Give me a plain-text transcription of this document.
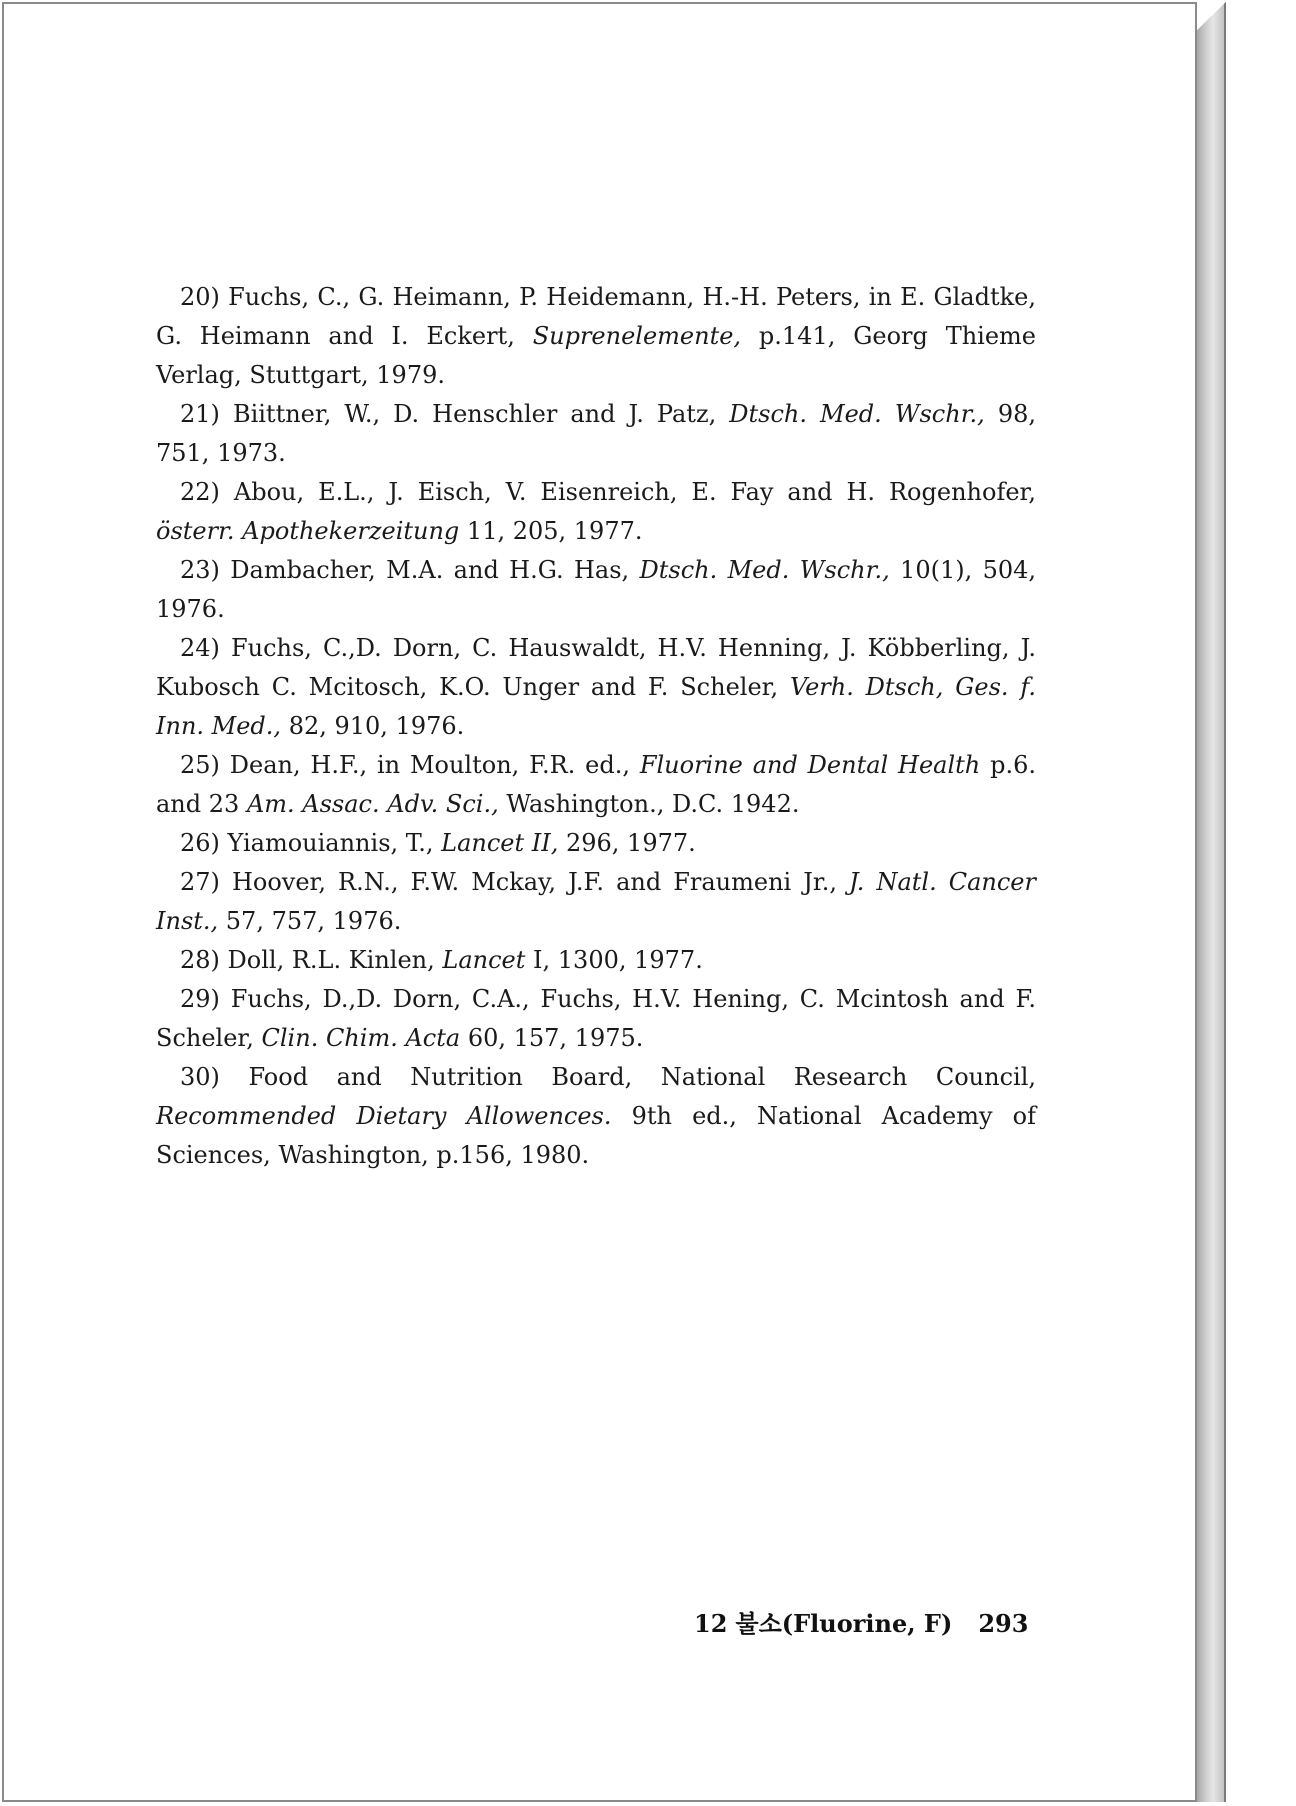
20) Fuchs, C., G. Heimann, P. Heidemann, H.-H. Peters, in E. Gladtke, G. Heimann and I. Eckert, Suprenelemente, p.141, Georg Thieme Verlag, Stuttgart, 1979.

21) Biittner, W., D. Henschler and J. Patz, Dtsch. Med. Wschr., 98, 751, 1973.

22) Abou, E.L., J. Eisch, V. Eisenreich, E. Fay and H. Rogenhofer, österr. Apothekerzeitung 11, 205, 1977.

23) Dambacher, M.A. and H.G. Has, Dtsch. Med. Wschr., 10(1), 504, 1976.

24) Fuchs, C.,D. Dorn, C. Hauswaldt, H.V. Henning, J. Köbberling, J. Kubosch C. Mcitosch, K.O. Unger and F. Scheler, Verh. Dtsch, Ges. f. Inn. Med., 82, 910, 1976.

25) Dean, H.F., in Moulton, F.R. ed., Fluorine and Dental Health p.6. and 23 Am. Assac. Adv. Sci., Washington., D.C. 1942.

26) Yiamouiannis, T., Lancet II, 296, 1977.

27) Hoover, R.N., F.W. Mckay, J.F. and Fraumeni Jr., J. Natl. Cancer Inst., 57, 757, 1976.

28) Doll, R.L. Kinlen, Lancet I, 1300, 1977.

29) Fuchs, D.,D. Dorn, C.A., Fuchs, H.V. Hening, C. Mcintosh and F. Scheler, Clin. Chim. Acta 60, 157, 1975.

30) Food and Nutrition Board, National Research Council, Recommended Dietary Allowences. 9th ed., National Academy of Sciences, Washington, p.156, 1980.

12 불소(Fluorine, F) 293
